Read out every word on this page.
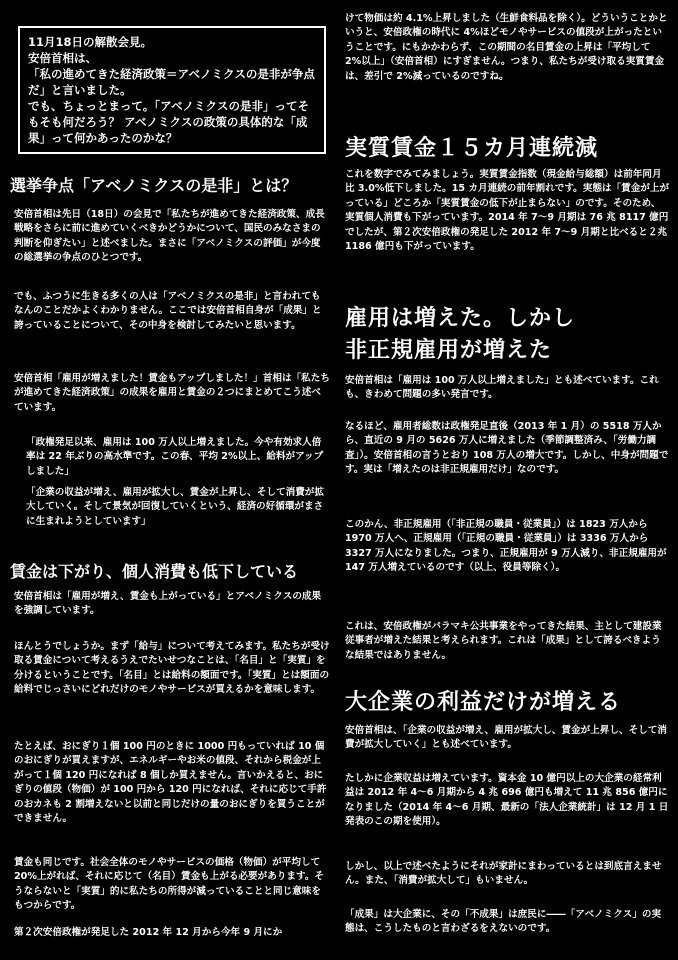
11月18日の解散会見。

安倍首相は、

「私の進めてきた経済政策＝アベノミクスの是非が争点だ」と言いました。

でも、ちょっとまって。「アベノミクスの是非」ってそもそも何だろう？ アベノミクスの政策の具体的な「成果」って何かあったのかな？

選挙争点「アベノミクスの是非」とは？

安倍首相は先日（18日）の会見で「私たちが進めてきた経済政策、成長戦略をさらに前に進めていくべきかどうかについて、国民のみなさまの判断を仰ぎたい」と述べました。まさに「アベノミクスの評価」が今度の総選挙の争点のひとつです。

でも、ふつうに生きる多くの人は「アベノミクスの是非」と言われてもなんのことだかよくわかりません。ここでは安倍首相自身が「成果」と誇っていることについて、その中身を検討してみたいと思います。

安倍首相「雇用が増えました！賃金もアップしました！」首相は「私たちが進めてきた経済政策」の成果を雇用と賃金の２つにまとめてこう述べています。

「政権発足以来、雇用は 100 万人以上増えました。今や有効求人倍率は 22 年ぶりの高水準です。この春、平均 2%以上、給料がアップしました」

「企業の収益が増え、雇用が拡大し、賃金が上昇し、そして消費が拡大していく。そして景気が回復していくという、経済の好循環がまさに生まれようとしています」

賃金は下がり、個人消費も低下している

安倍首相は「雇用が増え、賃金も上がっている」とアベノミクスの成果を強調しています。

ほんとうでしょうか。まず「給与」について考えてみます。私たちが受け取る賃金について考えるうえでたいせつなことは、「名目」と「実質」を分けるということです。「名目」とは給料の額面です。「実質」とは額面の給料でじっさいにどれだけのモノやサービスが買えるかを意味します。

たとえば、おにぎり１個 100 円のときに 1000 円もっていれば 10 個のおにぎりが買えますが、エネルギーやお米の値段、それから税金が上がって１個 120 円になれば 8 個しか買えません。言いかえると、おにぎりの値段（物価）が 100 円から 120 円になれば、それに応じて手許のおカネも 2 割増えないと以前と同じだけの量のおにぎりを買うことができません。

賃金も同じです。社会全体のモノやサービスの価格（物価）が平均して 20%上がれば、それに応じて（名目）賃金も上がる必要があります。そうならないと「実質」的に私たちの所得が減っていることと同じ意味をもつからです。

第２次安倍政権が発足した 2012 年 12 月から今年 9 月にか

けて物価は約 4.1%上昇しました（生鮮食料品を除く）。どういうことかというと、安倍政権の時代に 4%ほどモノやサービスの値段が上がったということです。にもかかわらず、この期間の名目賃金の上昇は「平均して 2%以上」（安倍首相）にすぎません。つまり、私たちが受け取る実質賃金は、差引で 2%減っているのですね。

実質賃金１５カ月連続減

これを数字でみてみましょう。実質賃金指数（現金給与総額）は前年同月比 3.0%低下しました。15 カ月連続の前年割れです。実態は「賃金が上がっている」どころか「実質賃金の低下が止まらない」のです。そのため、実質個人消費も下がっています。2014 年 7〜9 月期は 76 兆 8117 億円でしたが、第２次安倍政権の発足した 2012 年 7〜9 月期と比べると２兆 1186 億円も下がっています。

雇用は増えた。しかし
非正規雇用が増えた

安倍首相は「雇用は 100 万人以上増えました」とも述べています。これも、きわめて問題の多い発言です。

なるほど、雇用者総数は政権発足直後（2013 年 1 月）の 5518 万人から、直近の 9 月の 5626 万人に増えました（季節調整済み、「労働力調査」）。安倍首相の言うとおり 108 万人の増大です。しかし、中身が問題です。実は「増えたのは非正規雇用だけ」なのです。

このかん、非正規雇用（「非正規の職員・従業員」）は 1823 万人から 1970 万人へ、正規雇用（「正規の職員・従業員」）は 3336 万人から 3327 万人になりました。つまり、正規雇用が 9 万人減り、非正規雇用が 147 万人増えているのです（以上、役員等除く）。

これは、安倍政権がバラマキ公共事業をやってきた結果、主として建設業従事者が増えた結果と考えられます。これは「成果」として誇るべきような結果ではありません。

大企業の利益だけが増える

安倍首相は、「企業の収益が増え、雇用が拡大し、賃金が上昇し、そして消費が拡大していく」とも述べています。

たしかに企業収益は増えています。資本金 10 億円以上の大企業の経常利益は 2012 年 4〜6 月期から 4 兆 696 億円も増えて 11 兆 856 億円になりました（2014 年 4〜6 月期、最新の「法人企業統計」は 12 月 1 日発表のこの期を使用）。

しかし、以上で述べたようにそれが家計にまわっているとは到底言えません。また、「消費が拡大して」もいません。

「成果」は大企業に、その「不成果」は庶民に――「アベノミクス」の実態は、こうしたものと言わざるをえないのです。
